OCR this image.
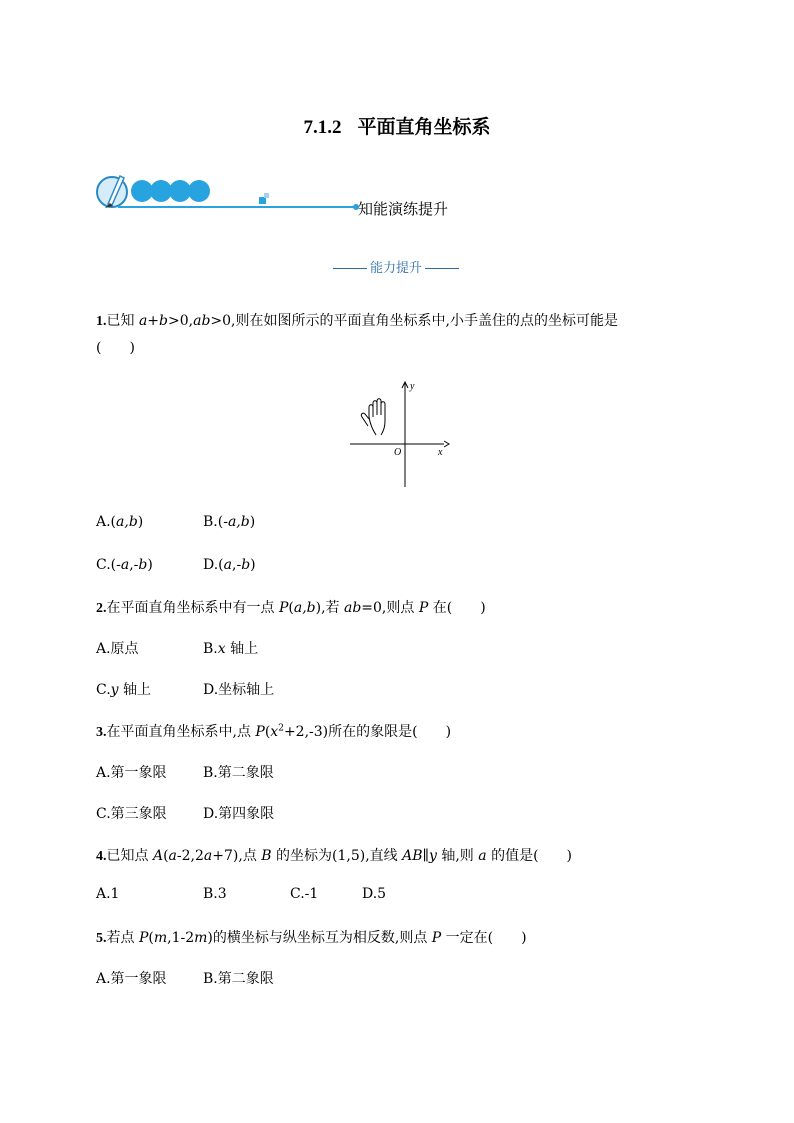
7.1.2 平面直角坐标系
知能演练提升
能力提升
1.已知 a+b>0,ab>0,则在如图所示的平面直角坐标系中,小手盖住的点的坐标可能是
( )
y
x
O
A.(a,b)	B.(-a,b)
C.(-a,-b)	D.(a,-b)
2.在平面直角坐标系中有一点 P(a,b),若 ab=0,则点 P 在( )
A.原点	B.x 轴上
C.y 轴上	D.坐标轴上
3.在平面直角坐标系中,点 $P(x^2+2,-3)$所在的象限是( )
A.第一象限	B.第二象限
C.第三象限	D.第四象限
4.已知点 A(a-2,2a+7),点 B 的坐标为(1,5),直线 AB∥y 轴,则 a 的值是( )
A.1	B.3	C.-1	D.5
5.若点 P(m,1-2m)的横坐标与纵坐标互为相反数,则点 P 一定在( )
A.第一象限	B.第二象限
